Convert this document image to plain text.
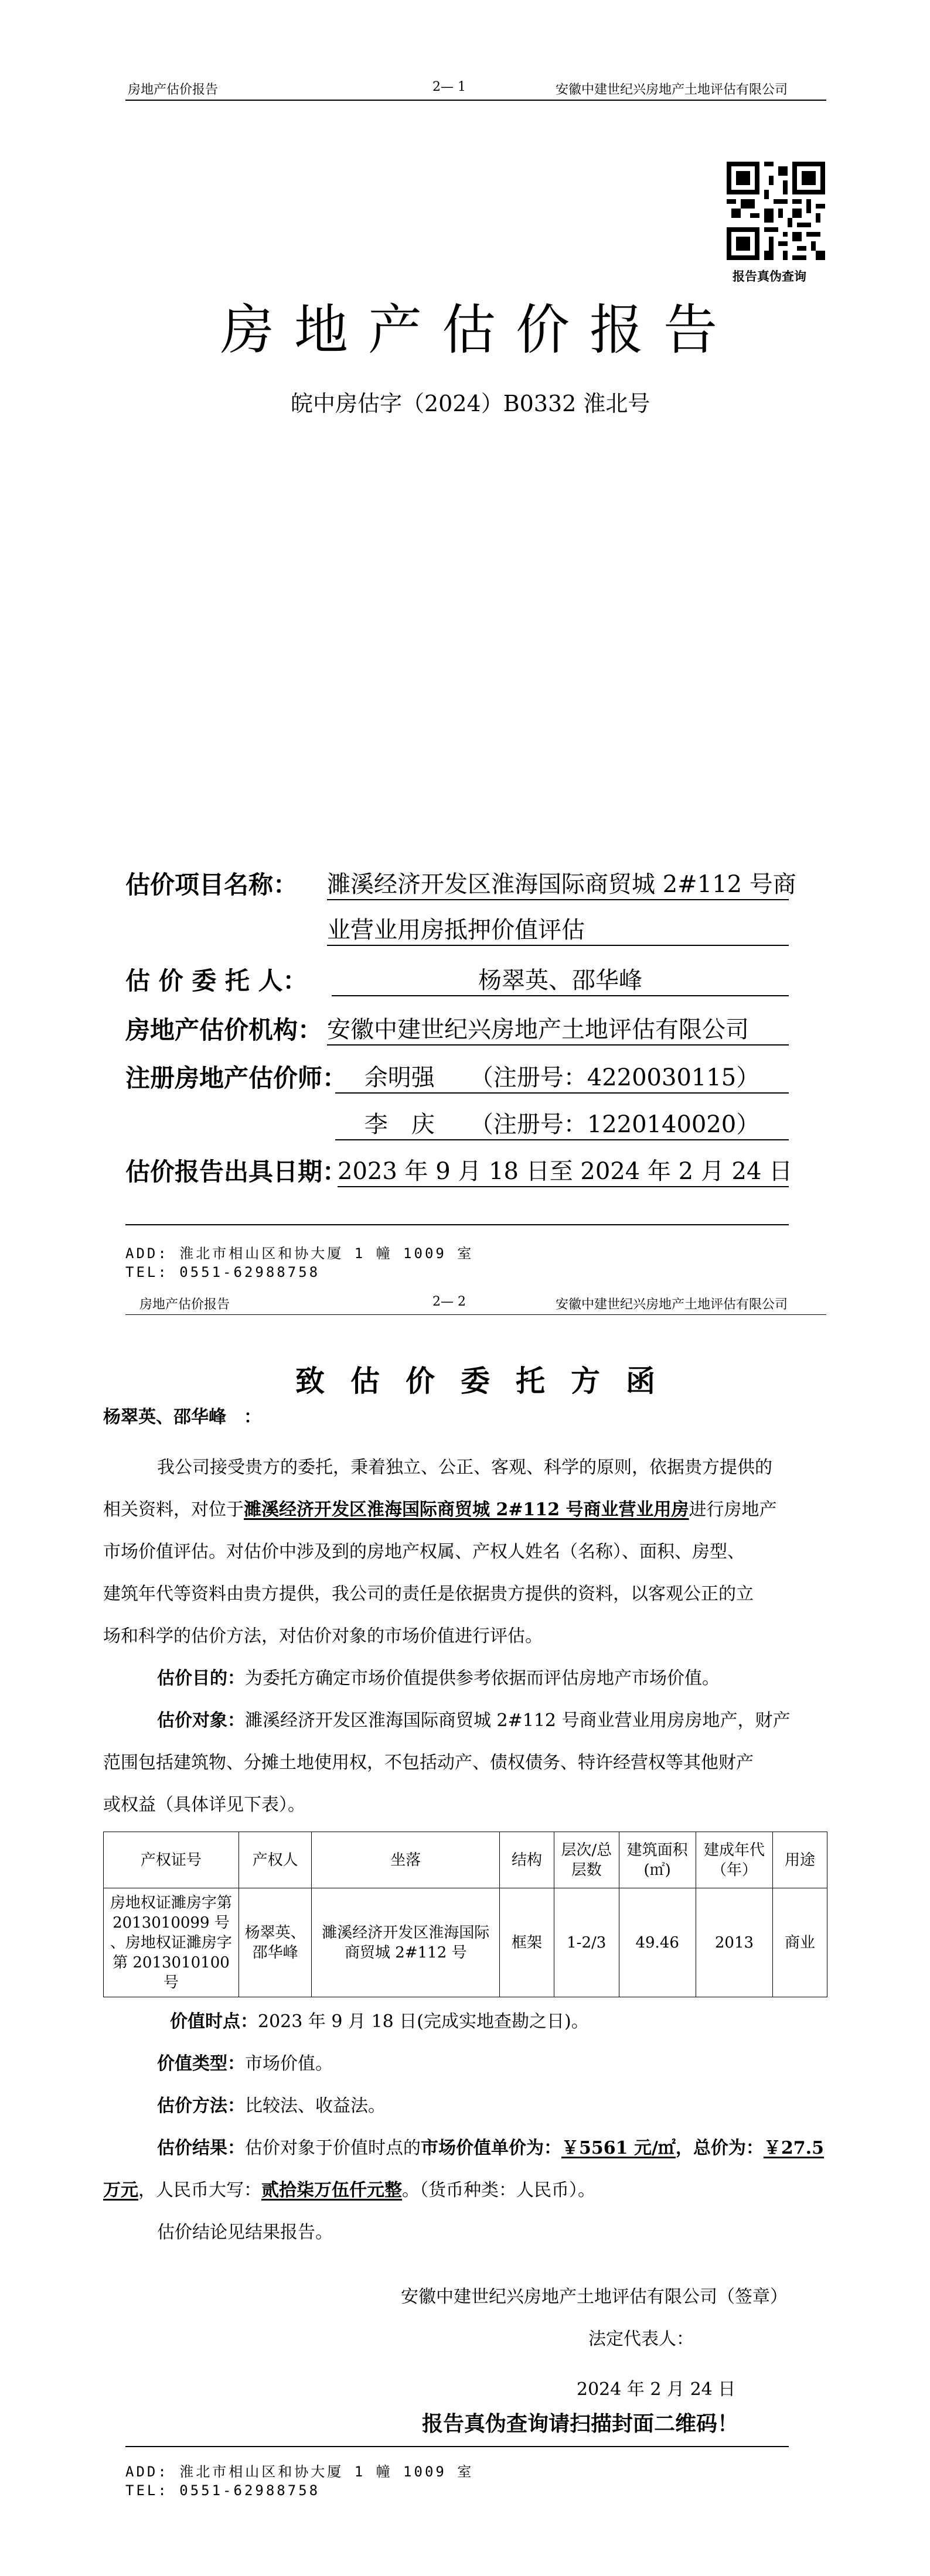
房地产估价报告	2— 1	安徽中建世纪兴房地产土地评估有限公司
报告真伪查询
房地产估价报告
皖中房估字（2024）B0332 淮北号
估价项目名称： 濉溪经济开发区淮海国际商贸城 2#112 号商
业营业用房抵押价值评估
估 价 委 托 人：	杨翠英、邵华峰
房地产估价机构： 安徽中建世纪兴房地产土地评估有限公司
注册房地产估价师： 余明强　　（注册号：4220030115）
李　庆　　（注册号：1220140020）
估价报告出具日期：
2023 年 9 月 18 日至 2024 年 2 月 24 日
ADD: 淮北市相山区和协大厦 1 幢 1009 室
TEL: 0551-62988758
房地产估价报告	2— 2	安徽中建世纪兴房地产土地评估有限公司
致估价委托方函
杨翠英、邵华峰　：
我公司接受贵方的委托，秉着独立、公正、客观、科学的原则，依据贵方提供的
相关资料，对位于濉溪经济开发区淮海国际商贸城 2#112 号商业营业用房进行房地产
市场价值评估。对估价中涉及到的房地产权属、产权人姓名（名称）、面积、房型、
建筑年代等资料由贵方提供，我公司的责任是依据贵方提供的资料，以客观公正的立
场和科学的估价方法，对估价对象的市场价值进行评估。
估价目的：为委托方确定市场价值提供参考依据而评估房地产市场价值。
估价对象：濉溪经济开发区淮海国际商贸城 2#112 号商业营业用房房地产，财产
范围包括建筑物、分摊土地使用权，不包括动产、债权债务、特许经营权等其他财产
或权益（具体详见下表）。
产权证号	产权人	坐落	结构	层次/总层数	建筑面积(㎡)	建成年代（年）	用途
房地权证濉房字第 2013010099 号 、房地权证濉房字第 2013010100 号	杨翠英、邵华峰	濉溪经济开发区淮海国际商贸城 2#112 号	框架	1-2/3	49.46	2013	商业
价值时点：2023 年 9 月 18 日(完成实地查勘之日)。
价值类型：市场价值。
估价方法：比较法、收益法。
估价结果：估价对象于价值时点的市场价值单价为：￥5561 元/㎡，总价为：￥27.5
万元，人民币大写：贰拾柒万伍仟元整。（货币种类：人民币）。
估价结论见结果报告。
安徽中建世纪兴房地产土地评估有限公司（签章）
法定代表人：
2024 年 2 月 24 日
报告真伪查询请扫描封面二维码！
ADD: 淮北市相山区和协大厦 1 幢 1009 室
TEL: 0551-62988758
